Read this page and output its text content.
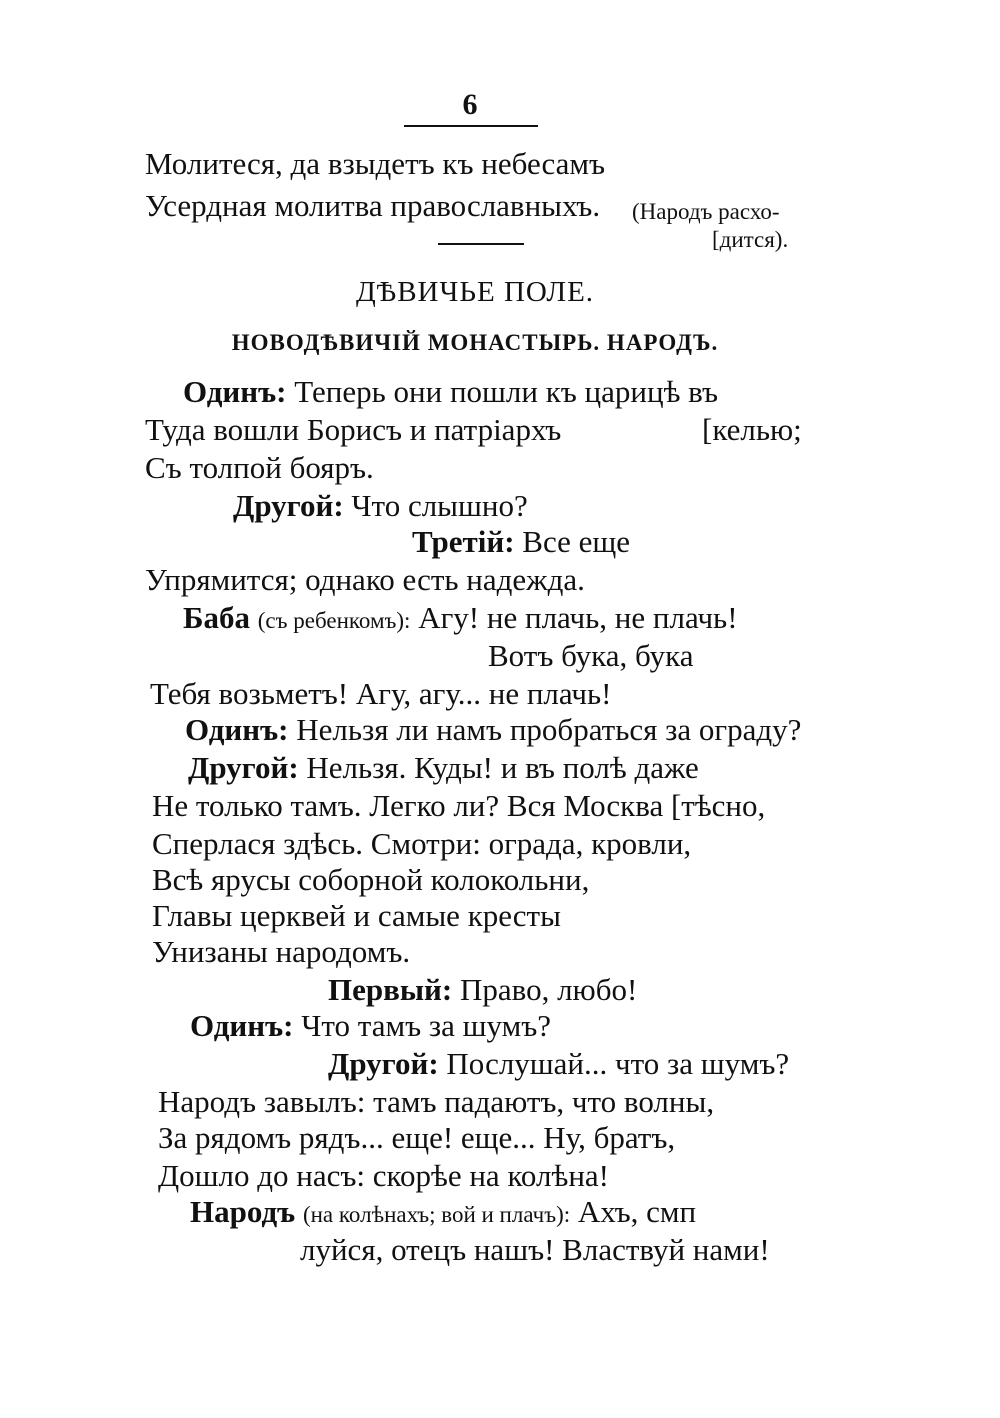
6
Молитеся, да взыдетъ къ небесамъ
Усердная молитва православныхъ. (Народъ расхо-
[дится).
ДѢВИЧЬЕ ПОЛЕ.
НОВОДѢВИЧІЙ МОНАСТЫРЬ. НАРОДЪ.
Одинъ: Теперь они пошли къ царицѣ въ
Туда вошли Борисъ и патріархъ	[келью;
Съ толпой бояръ.
Другой: Что слышно?
Третій: Все еще
Упрямится; однако есть надежда.
Баба (съ ребенкомъ): Агу! не плачь, не плачь!
Вотъ бука, бука
Тебя возьметъ! Агу, агу... не плачь!
Одинъ: Нельзя ли намъ пробраться за ограду?
Другой: Нельзя. Куды! и въ полѣ даже
Не только тамъ. Легко ли? Вся Москва [тѣсно,
Сперлася здѣсь. Смотри: ограда, кровли,
Всѣ ярусы соборной колокольни,
Главы церквей и самые кресты
Унизаны народомъ.
Первый: Право, любо!
Одинъ: Что тамъ за шумъ?
Другой: Послушай... что за шумъ?
Народъ завылъ: тамъ падаютъ, что волны,
За рядомъ рядъ... еще! еще... Ну, братъ,
Дошло до насъ: скорѣе на колѣна!
Народъ (на колѣнахъ; вой и плачъ): Ахъ, смп
луйся, отецъ нашъ! Властвуй нами!
